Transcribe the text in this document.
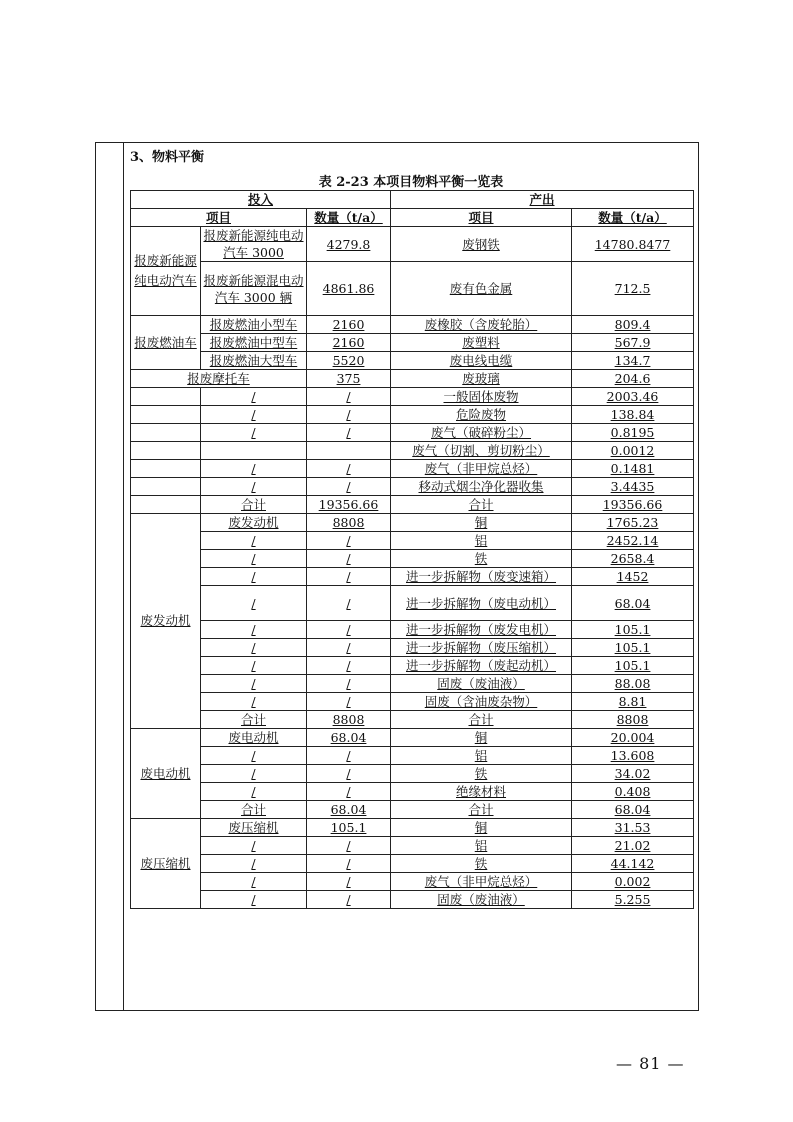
3、物料平衡
表 2-23 本项目物料平衡一览表
投入			产出	
项目		数量（t/a）	项目	数量（t/a）
报废新能源纯电动汽车	报废新能源纯电动汽车 3000	4279.8	废钢铁	14780.8477
	报废新能源混电动汽车 3000 辆	4861.86	废有色金属	712.5
报废燃油车	报废燃油小型车	2160	废橡胶（含废轮胎）	809.4
	报废燃油中型车	2160	废塑料	567.9
	报废燃油大型车	5520	废电线电缆	134.7
报废摩托车		375	废玻璃	204.6
	/	/	一般固体废物	2003.46
	/	/	危险废物	138.84
	/	/	废气（破碎粉尘）	0.8195
			废气（切割、剪切粉尘）	0.0012
	/	/	废气（非甲烷总烃）	0.1481
	/	/	移动式烟尘净化器收集	3.4435
	合计	19356.66	合计	19356.66
废发动机	废发动机	8808	铜	1765.23
	/	/	铝	2452.14
	/	/	铁	2658.4
	/	/	进一步拆解物（废变速箱）	1452
	/	/	进一步拆解物（废电动机）	68.04
	/	/	进一步拆解物（废发电机）	105.1
	/	/	进一步拆解物（废压缩机）	105.1
	/	/	进一步拆解物（废起动机）	105.1
	/	/	固废（废油液）	88.08
	/	/	固废（含油废杂物）	8.81
	合计	8808	合计	8808
废电动机	废电动机	68.04	铜	20.004
	/	/	铝	13.608
	/	/	铁	34.02
	/	/	绝缘材料	0.408
	合计	68.04	合计	68.04
废压缩机	废压缩机	105.1	铜	31.53
	/	/	铝	21.02
	/	/	铁	44.142
	/	/	废气（非甲烷总烃）	0.002
	/	/	固废（废油液）	5.255
— 81 —
